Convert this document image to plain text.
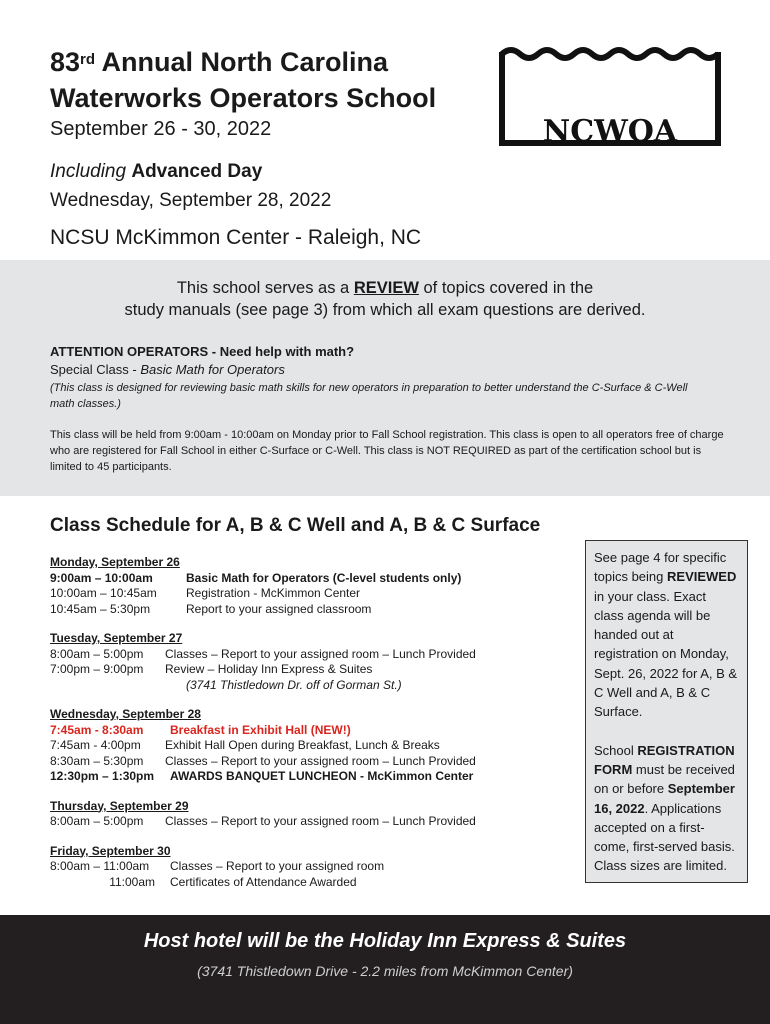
83rd Annual North Carolina
Waterworks Operators School
September 26 - 30, 2022
Including Advanced Day
Wednesday, September 28, 2022
NCSU McKimmon Center - Raleigh, NC
NCWOA
This school serves as a REVIEW of topics covered in the
study manuals (see page 3) from which all exam questions are derived.
ATTENTION OPERATORS - Need help with math?
Special Class - Basic Math for Operators
(This class is designed for reviewing basic math skills for new operators in preparation to better understand the C-Surface & C-Well math classes.)
This class will be held from 9:00am - 10:00am on Monday prior to Fall School registration. This class is open to all operators free of charge who are registered for Fall School in either C-Surface or C-Well. This class is NOT REQUIRED as part of the certification school but is limited to 45 participants.
Class Schedule for A, B & C Well and A, B & C Surface
Monday, September 26
9:00am – 10:00am	Basic Math for Operators (C-level students only)
10:00am – 10:45am Registration - McKimmon Center
10:45am – 5:30pm	Report to your assigned classroom
Tuesday, September 27
8:00am – 5:00pm Classes – Report to your assigned room – Lunch Provided
7:00pm – 9:00pm Review – Holiday Inn Express & Suites
(3741 Thistledown Dr. off of Gorman St.)
Wednesday, September 28
7:45am - 8:30am Breakfast in Exhibit Hall (NEW!)
7:45am - 4:00pm Exhibit Hall Open during Breakfast, Lunch & Breaks
8:30am – 5:30pm Classes – Report to your assigned room – Lunch Provided
12:30pm – 1:30pm AWARDS BANQUET LUNCHEON - McKimmon Center
Thursday, September 29
8:00am – 5:00pm Classes – Report to your assigned room – Lunch Provided
Friday, September 30
8:00am – 11:00am Classes – Report to your assigned room
11:00am Certificates of Attendance Awarded

See page 4 for specific topics being REVIEWED in your class. Exact class agenda will be handed out at registration on Monday, Sept. 26, 2022 for A, B & C Well and A, B & C Surface.

School REGISTRATION FORM must be received on or before September 16, 2022. Applications accepted on a first-come, first-served basis. Class sizes are limited.

Host hotel will be the Holiday Inn Express & Suites
(3741 Thistledown Drive - 2.2 miles from McKimmon Center)
